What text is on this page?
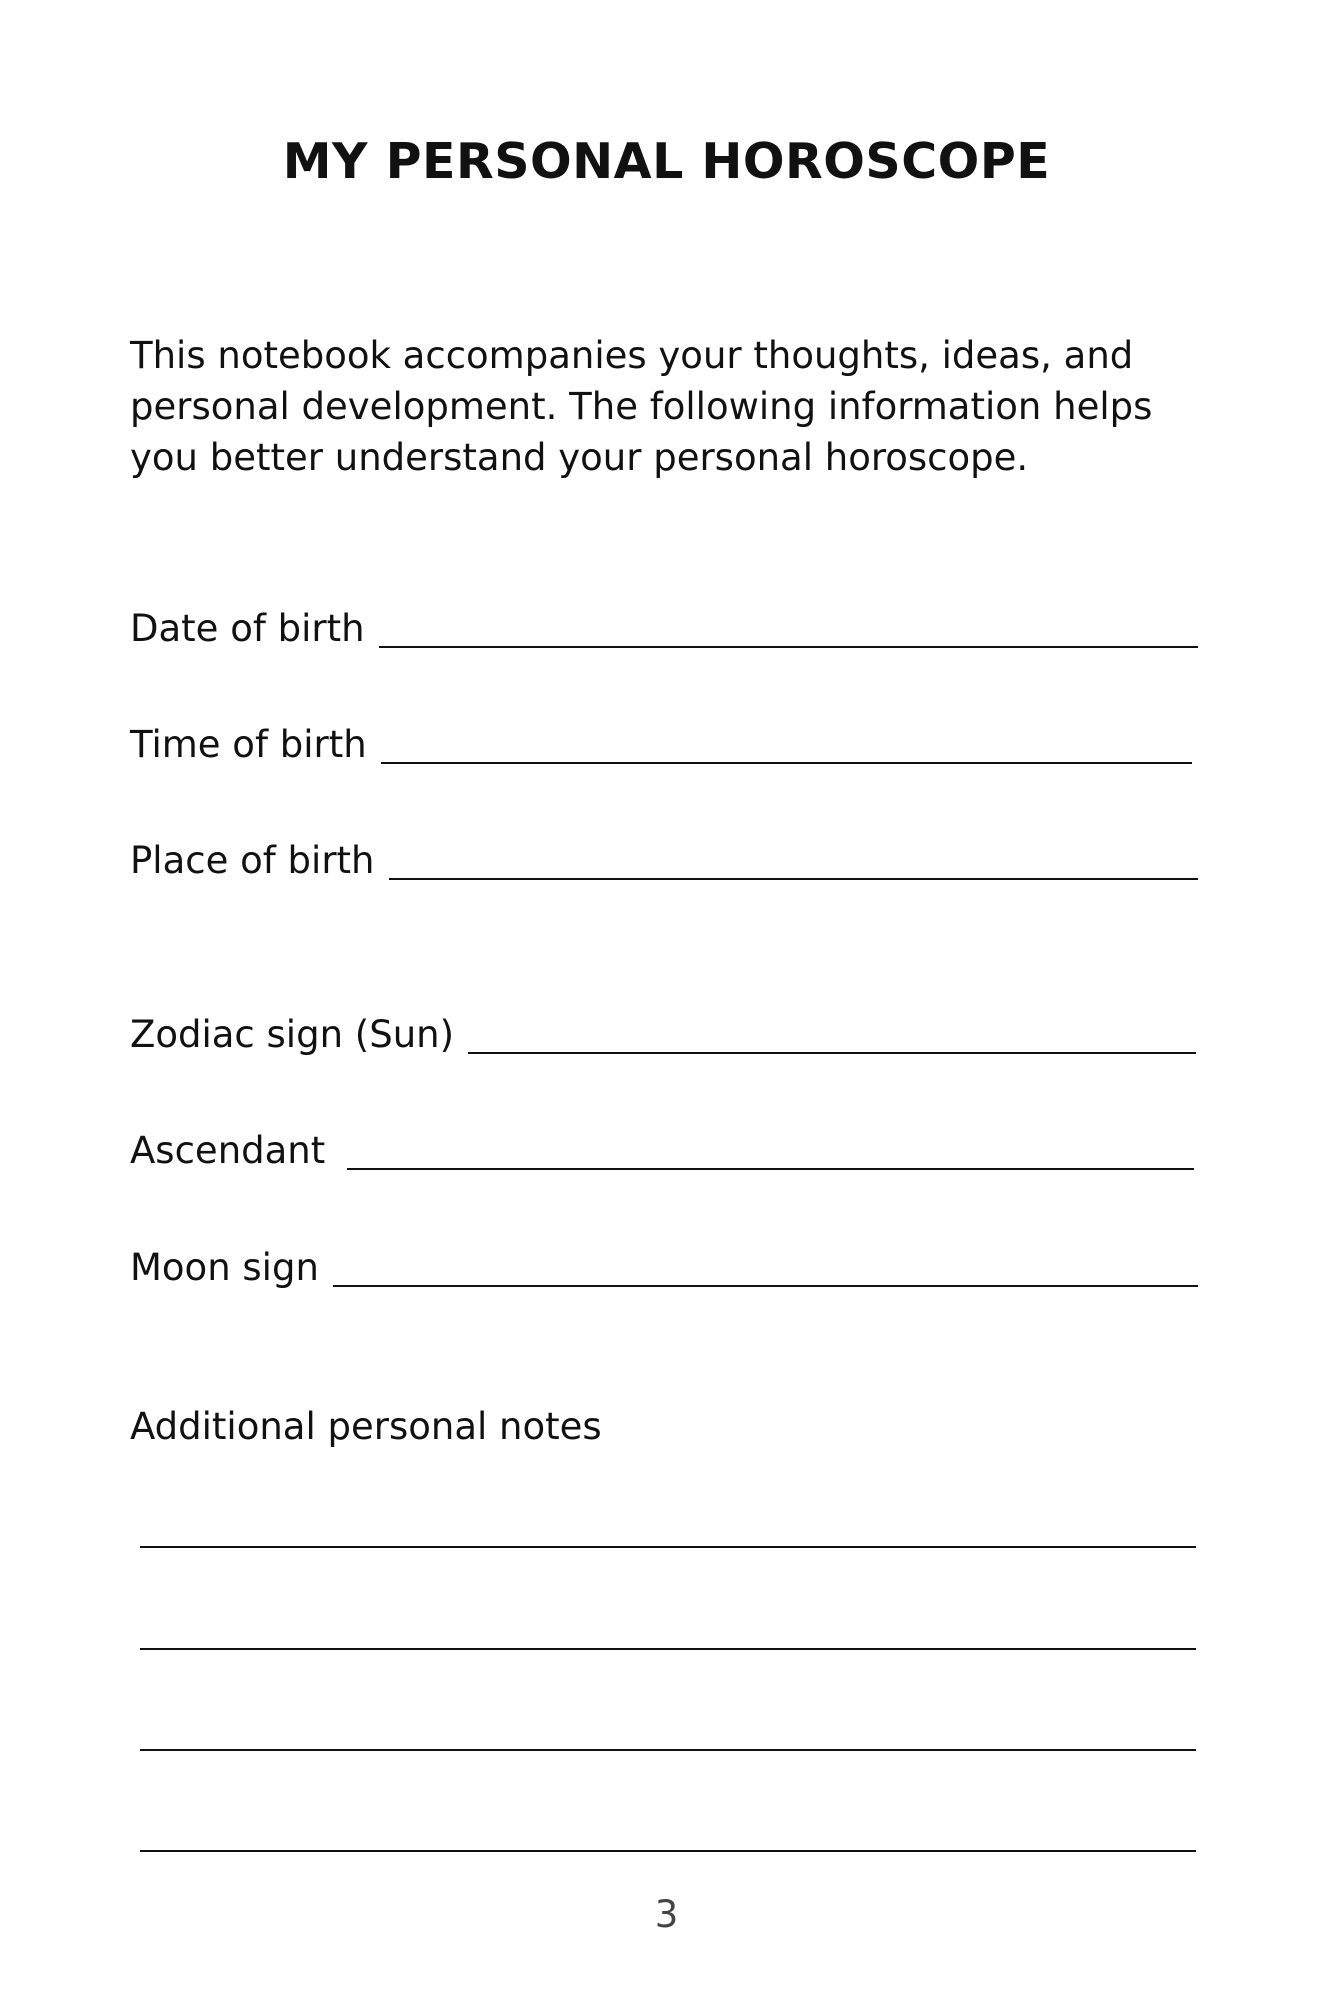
MY PERSONAL HOROSCOPE

This notebook accompanies your thoughts, ideas, and personal development. The following information helps you better understand your personal horoscope.

Date of birth
Time of birth
Place of birth
Zodiac sign (Sun)
Ascendant
Moon sign

Additional personal notes

3
